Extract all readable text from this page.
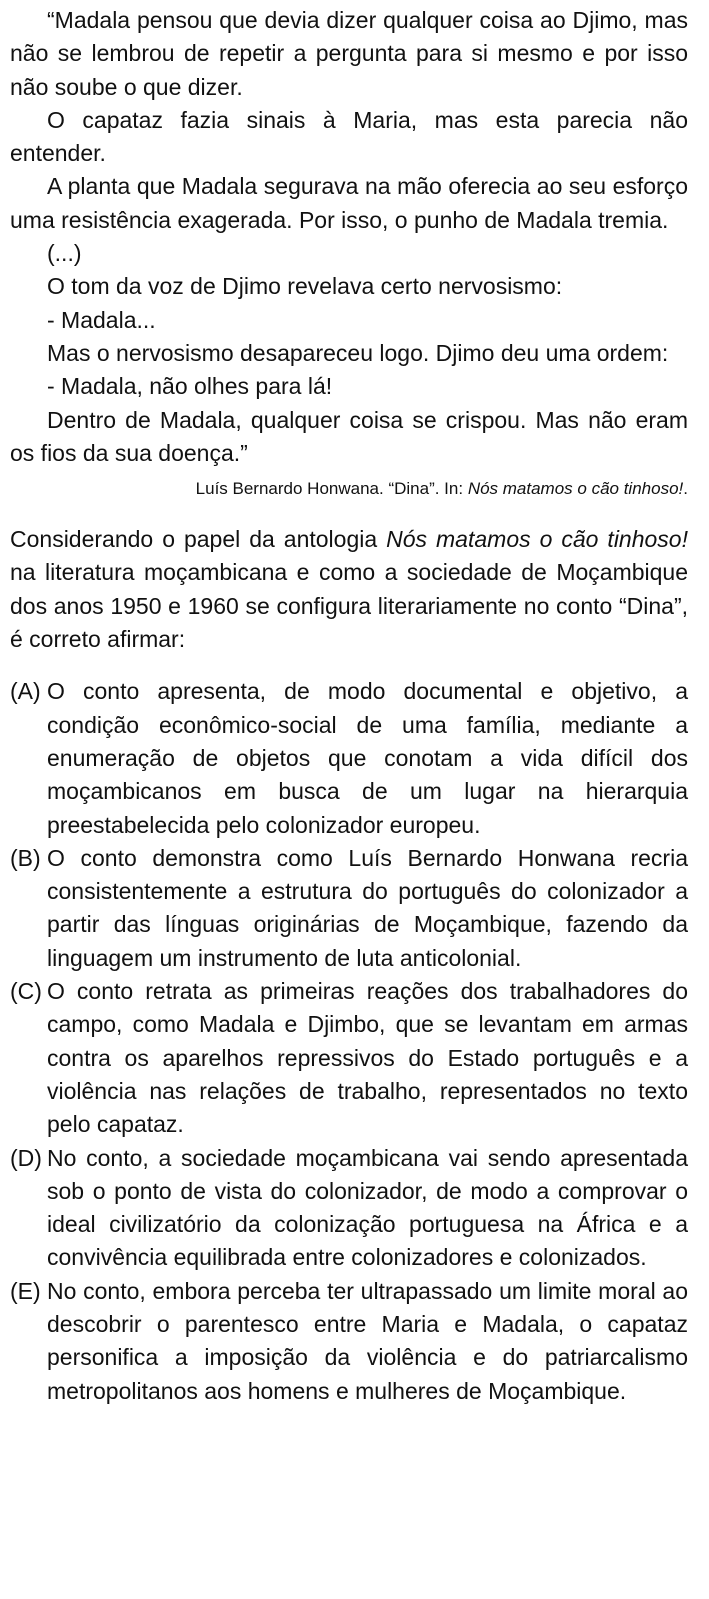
“Madala pensou que devia dizer qualquer coisa ao Djimo, mas não se lembrou de repetir a pergunta para si mesmo e por isso não soube o que dizer.

O capataz fazia sinais à Maria, mas esta parecia não entender.

A planta que Madala segurava na mão oferecia ao seu esforço uma resistência exagerada. Por isso, o punho de Madala tremia.

(...)

O tom da voz de Djimo revelava certo nervosismo:

- Madala...

Mas o nervosismo desapareceu logo. Djimo deu uma ordem:

- Madala, não olhes para lá!

Dentro de Madala, qualquer coisa se crispou. Mas não eram os fios da sua doença.”

Luís Bernardo Honwana. “Dina”. In: Nós matamos o cão tinhoso!.

Considerando o papel da antologia Nós matamos o cão tinhoso! na literatura moçambicana e como a sociedade de Moçambique dos anos 1950 e 1960 se configura literariamente no conto “Dina”, é correto afirmar:

(A) O conto apresenta, de modo documental e objetivo, a condição econômico-social de uma família, mediante a enumeração de objetos que conotam a vida difícil dos moçambicanos em busca de um lugar na hierarquia preestabelecida pelo colonizador europeu.
(B) O conto demonstra como Luís Bernardo Honwana recria consistentemente a estrutura do português do colonizador a partir das línguas originárias de Moçambique, fazendo da linguagem um instrumento de luta anticolonial.
(C) O conto retrata as primeiras reações dos trabalhadores do campo, como Madala e Djimbo, que se levantam em armas contra os aparelhos repressivos do Estado português e a violência nas relações de trabalho, representados no texto pelo capataz.
(D) No conto, a sociedade moçambicana vai sendo apresentada sob o ponto de vista do colonizador, de modo a comprovar o ideal civilizatório da colonização portuguesa na África e a convivência equilibrada entre colonizadores e colonizados.
(E) No conto, embora perceba ter ultrapassado um limite moral ao descobrir o parentesco entre Maria e Madala, o capataz personifica a imposição da violência e do patriarcalismo metropolitanos aos homens e mulheres de Moçambique.
